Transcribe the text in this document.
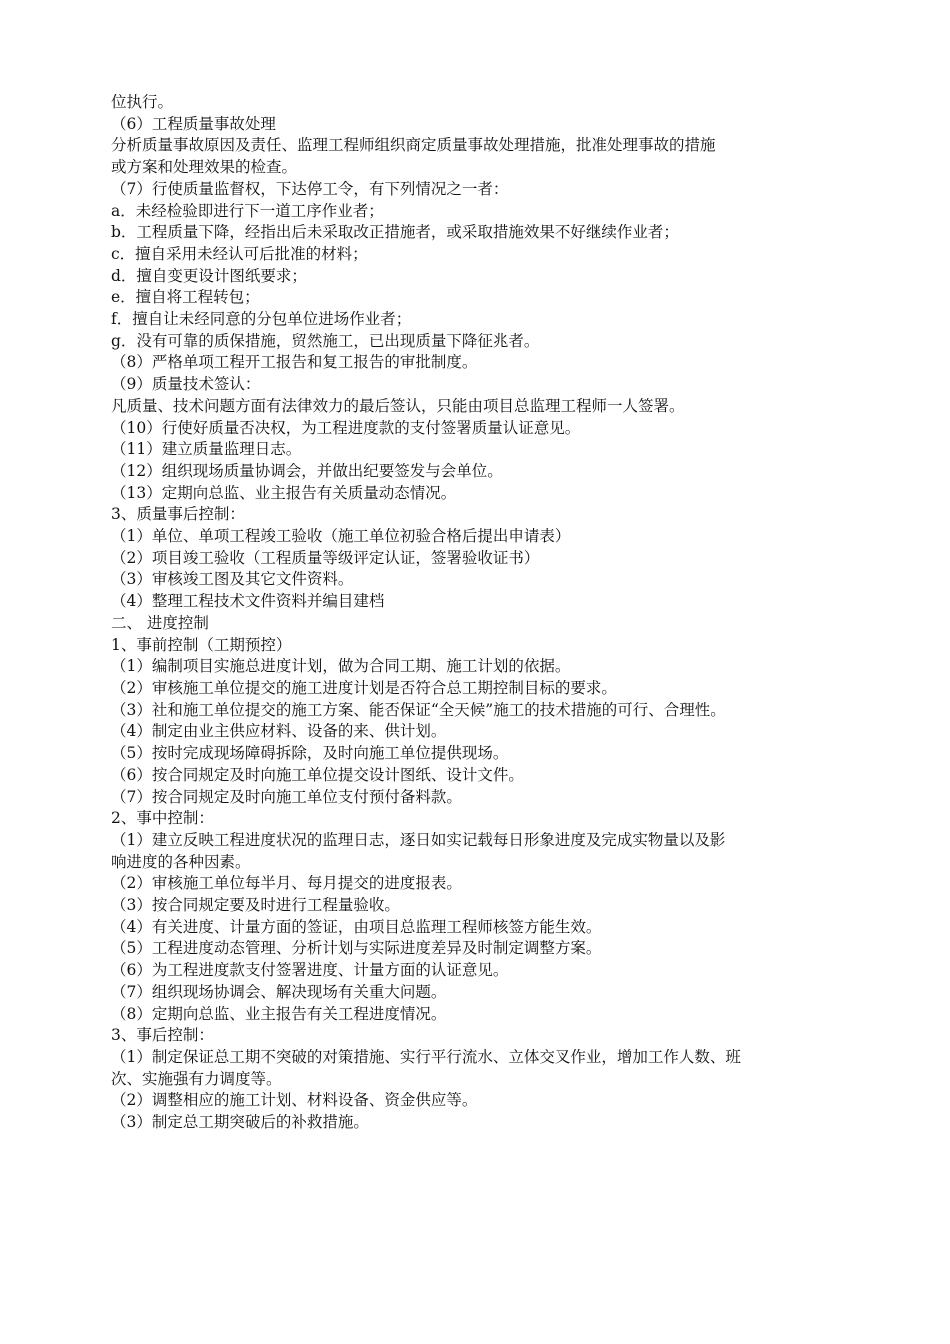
位执行。

（6）工程质量事故处理

分析质量事故原因及责任、监理工程师组织商定质量事故处理措施，批准处理事故的措施

或方案和处理效果的检查。

（7）行使质量监督权，下达停工令，有下列情况之一者：

a．未经检验即进行下一道工序作业者；

b．工程质量下降，经指出后未采取改正措施者，或采取措施效果不好继续作业者；

c．擅自采用未经认可后批准的材料；

d．擅自变更设计图纸要求；

e．擅自将工程转包；

f．擅自让未经同意的分包单位进场作业者；

g．没有可靠的质保措施，贸然施工，已出现质量下降征兆者。

（8）严格单项工程开工报告和复工报告的审批制度。

（9）质量技术签认：

凡质量、技术问题方面有法律效力的最后签认，只能由项目总监理工程师一人签署。

（10）行使好质量否决权，为工程进度款的支付签署质量认证意见。

（11）建立质量监理日志。

（12）组织现场质量协调会，并做出纪要签发与会单位。

（13）定期向总监、业主报告有关质量动态情况。

3、质量事后控制：

（1）单位、单项工程竣工验收（施工单位初验合格后提出申请表）

（2）项目竣工验收（工程质量等级评定认证，签署验收证书）

（3）审核竣工图及其它文件资料。

（4）整理工程技术文件资料并编目建档

二、 进度控制

1、事前控制（工期预控）

（1）编制项目实施总进度计划，做为合同工期、施工计划的依据。

（2）审核施工单位提交的施工进度计划是否符合总工期控制目标的要求。

（3）社和施工单位提交的施工方案、能否保证“全天候”施工的技术措施的可行、合理性。

（4）制定由业主供应材料、设备的来、供计划。

（5）按时完成现场障碍拆除，及时向施工单位提供现场。

（6）按合同规定及时向施工单位提交设计图纸、设计文件。

（7）按合同规定及时向施工单位支付预付备料款。

2、事中控制：

（1）建立反映工程进度状况的监理日志，逐日如实记载每日形象进度及完成实物量以及影

响进度的各种因素。

（2）审核施工单位每半月、每月提交的进度报表。

（3）按合同规定要及时进行工程量验收。

（4）有关进度、计量方面的签证，由项目总监理工程师核签方能生效。

（5）工程进度动态管理、分析计划与实际进度差异及时制定调整方案。

（6）为工程进度款支付签署进度、计量方面的认证意见。

（7）组织现场协调会、解决现场有关重大问题。

（8）定期向总监、业主报告有关工程进度情况。

3、事后控制：

（1）制定保证总工期不突破的对策措施、实行平行流水、立体交叉作业，增加工作人数、班

次、实施强有力调度等。

（2）调整相应的施工计划、材料设备、资金供应等。

（3）制定总工期突破后的补救措施。
